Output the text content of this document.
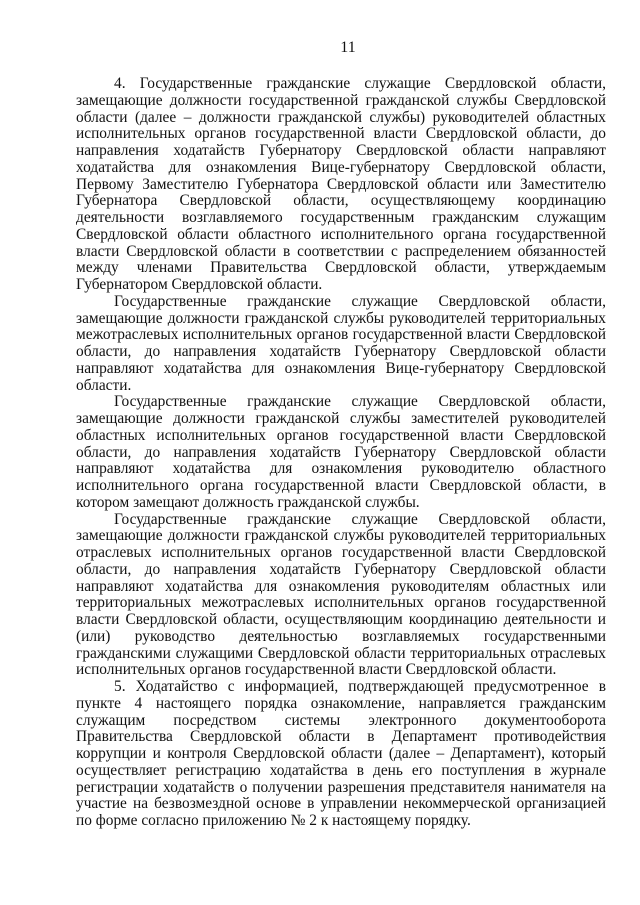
11

4. Государственные гражданские служащие Свердловской области, замещающие должности государственной гражданской службы Свердловской области (далее – должности гражданской службы) руководителей областных исполнительных органов государственной власти Свердловской области, до направления ходатайств Губернатору Свердловской области направляют ходатайства для ознакомления Вице-губернатору Свердловской области, Первому Заместителю Губернатора Свердловской области или Заместителю Губернатора Свердловской области, осуществляющему координацию деятельности возглавляемого государственным гражданским служащим Свердловской области областного исполнительного органа государственной власти Свердловской области в соответствии с распределением обязанностей между членами Правительства Свердловской области, утверждаемым Губернатором Свердловской области.

Государственные гражданские служащие Свердловской области, замещающие должности гражданской службы руководителей территориальных межотраслевых исполнительных органов государственной власти Свердловской области, до направления ходатайств Губернатору Свердловской области направляют ходатайства для ознакомления Вице-губернатору Свердловской области.

Государственные гражданские служащие Свердловской области, замещающие должности гражданской службы заместителей руководителей областных исполнительных органов государственной власти Свердловской области, до направления ходатайств Губернатору Свердловской области направляют ходатайства для ознакомления руководителю областного исполнительного органа государственной власти Свердловской области, в котором замещают должность гражданской службы.

Государственные гражданские служащие Свердловской области, замещающие должности гражданской службы руководителей территориальных отраслевых исполнительных органов государственной власти Свердловской области, до направления ходатайств Губернатору Свердловской области направляют ходатайства для ознакомления руководителям областных или территориальных межотраслевых исполнительных органов государственной власти Свердловской области, осуществляющим координацию деятельности и (или) руководство деятельностью возглавляемых государственными гражданскими служащими Свердловской области территориальных отраслевых исполнительных органов государственной власти Свердловской области.

5. Ходатайство с информацией, подтверждающей предусмотренное в пункте 4 настоящего порядка ознакомление, направляется гражданским служащим посредством системы электронного документооборота Правительства Свердловской области в Департамент противодействия коррупции и контроля Свердловской области (далее – Департамент), который осуществляет регистрацию ходатайства в день его поступления в журнале регистрации ходатайств о получении разрешения представителя нанимателя на участие на безвозмездной основе в управлении некоммерческой организацией по форме согласно приложению № 2 к настоящему порядку.
